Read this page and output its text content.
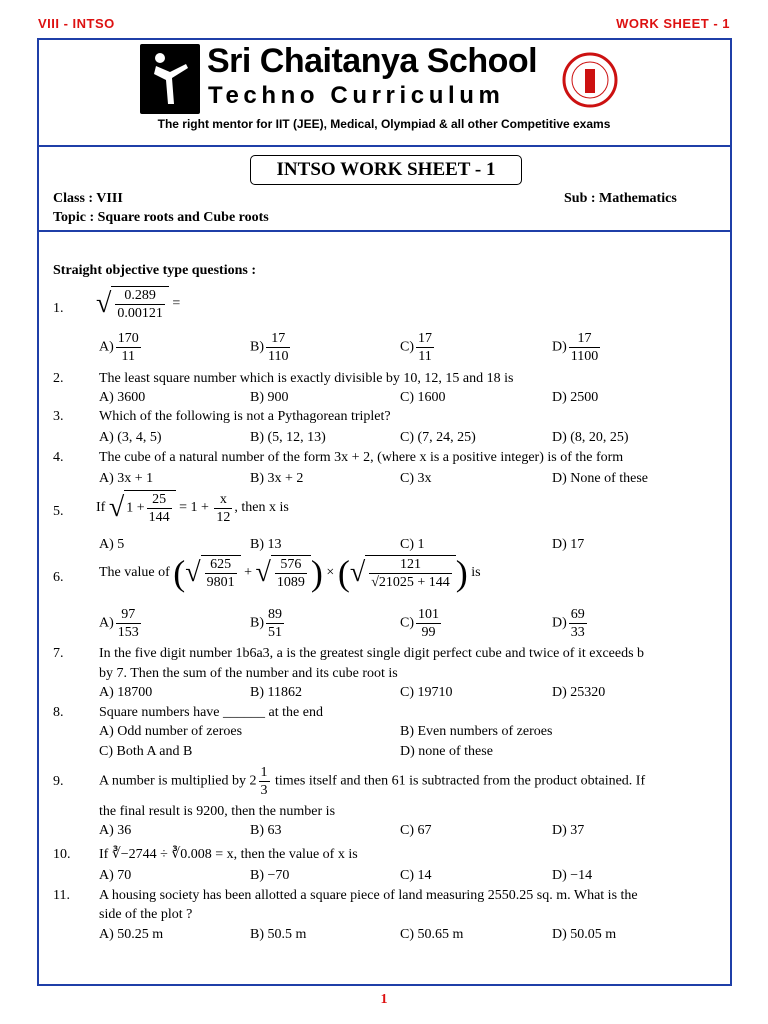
VIII - INTSO	WORK SHEET - 1
Sri Chaitanya School
Techno Curriculum
The right mentor for IIT (JEE), Medical, Olympiad & all other Competitive exams
INTSO WORK SHEET - 1
Class : VIII	Sub : Mathematics
Topic : Square roots and Cube roots
Straight objective type questions :
1. √ $\frac{0.289}{0.00121}$ =
$A) \frac{170}{11}$	$B) \frac{17}{110}$	$C) \frac{17}{11}$	$D) \frac{17}{1100}$
2.	The least square number which is exactly divisible by 10, 12, 15 and 18 is
A) 3600	B) 900	C) 1600	D) 2500
3.	Which of the following is not a Pythagorean triplet?
A) (3, 4, 5)	B) (5, 12, 13)	C) (7, 24, 25)	D) (8, 20, 25)
4.	The cube of a natural number of the form 3x + 2, (where x is a positive integer) is of the form
A) 3x + 1	B) 3x + 2	C) 3x	D) None of these
5. If √ $1 + \frac{25}{144} = 1 + \frac{x}{12}$ , then x is
A) 5	B) 13	C) 1	D) 17
6.	The value of (√ $\frac{625}{9801}$ + √ $\frac{576}{1089}$ ) × (√ $\frac{121}{√21025 + 144}$ ) is
$A) \frac{97}{153}$	$B) \frac{89}{51}$	$C) \frac{101}{99}$	$D) \frac{69}{33}$
7.	In the five digit number 1b6a3, a is the greatest single digit perfect cube and twice of it exceeds b
by 7. Then the sum of the number and its cube root is
A) 18700	B) 11862	C) 19710	D) 25320
8.	Square numbers have ______ at the end
A) Odd number of zeroes	B) Even numbers of zeroes
C) Both A and B	D) none of these
9.	A number is multiplied by $2 \frac{1}{3}$ times itself and then 61 is subtracted from the product obtained. If
the final result is 9200, then the number is
A) 36	B) 63	C) 67	D) 37
10. If ∛−2744 ÷ ∛0.008 = x, then the value of x is
A) 70	B) −70	C) 14	D) −14
11. A housing society has been allotted a square piece of land measuring 2550.25 sq. m. What is the
side of the plot ?
A) 50.25 m	B) 50.5 m	C) 50.65 m	D) 50.05 m
1
